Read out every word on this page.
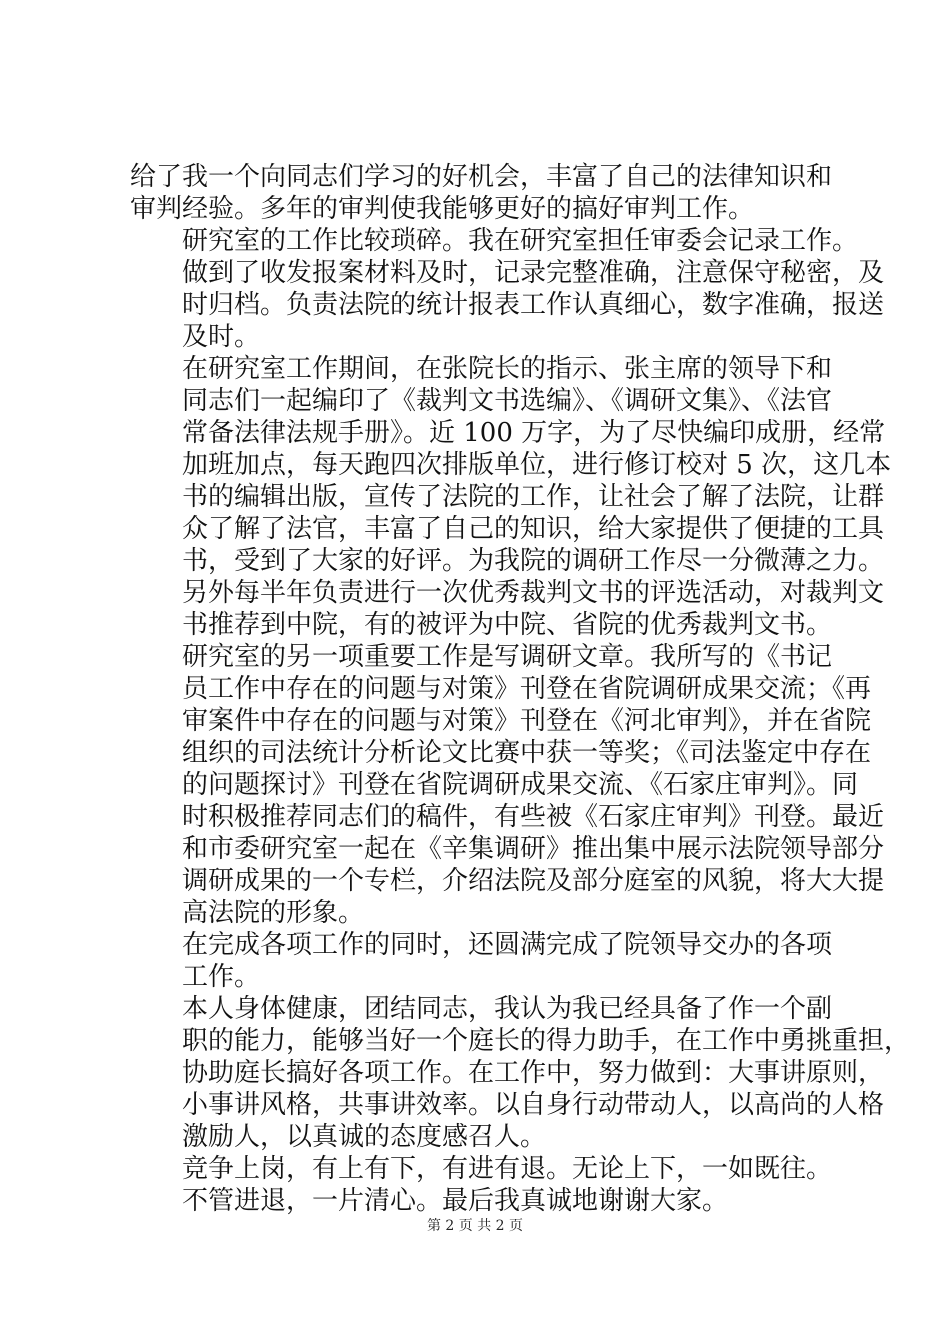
给了我一个向同志们学习的好机会，丰富了自己的法律知识和
审判经验。多年的审判使我能够更好的搞好审判工作。

研究室的工作比较琐碎。我在研究室担任审委会记录工作。
做到了收发报案材料及时，记录完整准确，注意保守秘密，及
时归档。负责法院的统计报表工作认真细心，数字准确，报送
及时。

在研究室工作期间，在张院长的指示、张主席的领导下和
同志们一起编印了《裁判文书选编》、《调研文集》、《法官
常备法律法规手册》。近 100 万字，为了尽快编印成册，经常
加班加点，每天跑四次排版单位，进行修订校对 5 次，这几本
书的编辑出版，宣传了法院的工作，让社会了解了法院，让群
众了解了法官，丰富了自己的知识，给大家提供了便捷的工具
书，受到了大家的好评。为我院的调研工作尽一分微薄之力。
另外每半年负责进行一次优秀裁判文书的评选活动，对裁判文
书推荐到中院，有的被评为中院、省院的优秀裁判文书。

研究室的另一项重要工作是写调研文章。我所写的《书记
员工作中存在的问题与对策》刊登在省院调研成果交流；《再
审案件中存在的问题与对策》刊登在《河北审判》，并在省院
组织的司法统计分析论文比赛中获一等奖；《司法鉴定中存在
的问题探讨》刊登在省院调研成果交流、《石家庄审判》。同
时积极推荐同志们的稿件，有些被《石家庄审判》刊登。最近
和市委研究室一起在《辛集调研》推出集中展示法院领导部分
调研成果的一个专栏，介绍法院及部分庭室的风貌，将大大提
高法院的形象。

在完成各项工作的同时，还圆满完成了院领导交办的各项
工作。

本人身体健康，团结同志，我认为我已经具备了作一个副
职的能力，能够当好一个庭长的得力助手，在工作中勇挑重担，
协助庭长搞好各项工作。在工作中，努力做到：大事讲原则，
小事讲风格，共事讲效率。以自身行动带动人，以高尚的人格
激励人，以真诚的态度感召人。

竞争上岗，有上有下，有进有退。无论上下，一如既往。
不管进退，一片清心。最后我真诚地谢谢大家。

第 2 页 共 2 页
